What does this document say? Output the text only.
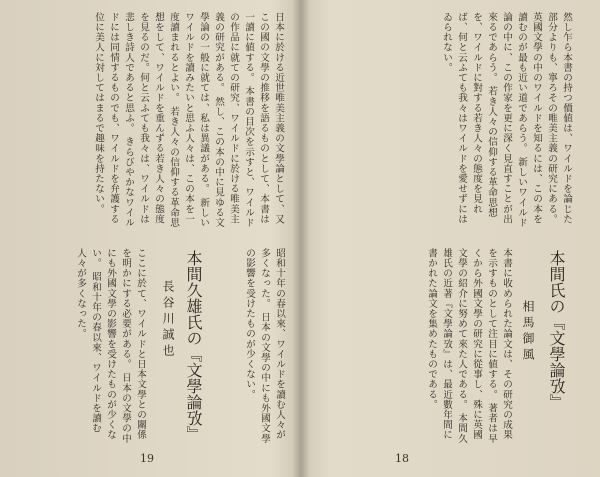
日本に於ける近世唯美主義の文學論として、又この國の文學の推移を語るものとして、本書は一讀に値する。 本書の目次を示すと、ワイルドの作品に就ての研究、ワイルドに於ける唯美主義の研究がある。 然し、この本の中に見ゆる文學論の一般に就ては、私は異議がある。 新しいワイルドを讀みたいと思ふ人々は、この本を一度讀まれるとよい。 若き人々の信仰する革命思想をして、ワイルドを重んずる若き人々の態度を見るのだ。何と云ふても我々は、ワイルドは悲しき詩人であると思ふ。 きらびやかなワイルドには同情するものでも、ワイルドを弁護する位に美人に対してはまるで趣味を持たない。
ここに於て、ワイルドと日本文學との關係を明かにする必要がある。 日本の文學の中にも外國文學の影響を受けたものが少くない。 昭和十年の春以來、ワイルドを讀む人々が多くなった。	本間久雄氏の『文學論攷』
長谷川誠也	昭和十年の春以來、ワイルドを讀む人々が多くなった。 日本の文學の中にも外國文學の影響を受けたものが少くない。
19
然し乍ら本書の持つ價値は、ワイルドを論じた部分よりも、寧ろその唯美主義の研究にある。 英國文學の中のワイルドを知るには、この本を讀むのが最も近い道であらう。 新しいワイルド論の中に、この作家を更に深く見直すことが出來るであらう。 若き人々の信仰する革命思想を、ワイルドに對する若き人々の態度を見れば、何と云ふても我々はワイルドを愛せずにはゐられない。
本間氏の『文學論攷』
相馬御風
本書に收められた論文は、その研究の成果を示すものとして注目に値する。 著者は早くから外國文學の研究に從事し、殊に英國文學の紹介に努めて來た人である。 本間久雄氏の近著『文學論攷』は、最近數年間に書かれた論文を集めたものである。
18
